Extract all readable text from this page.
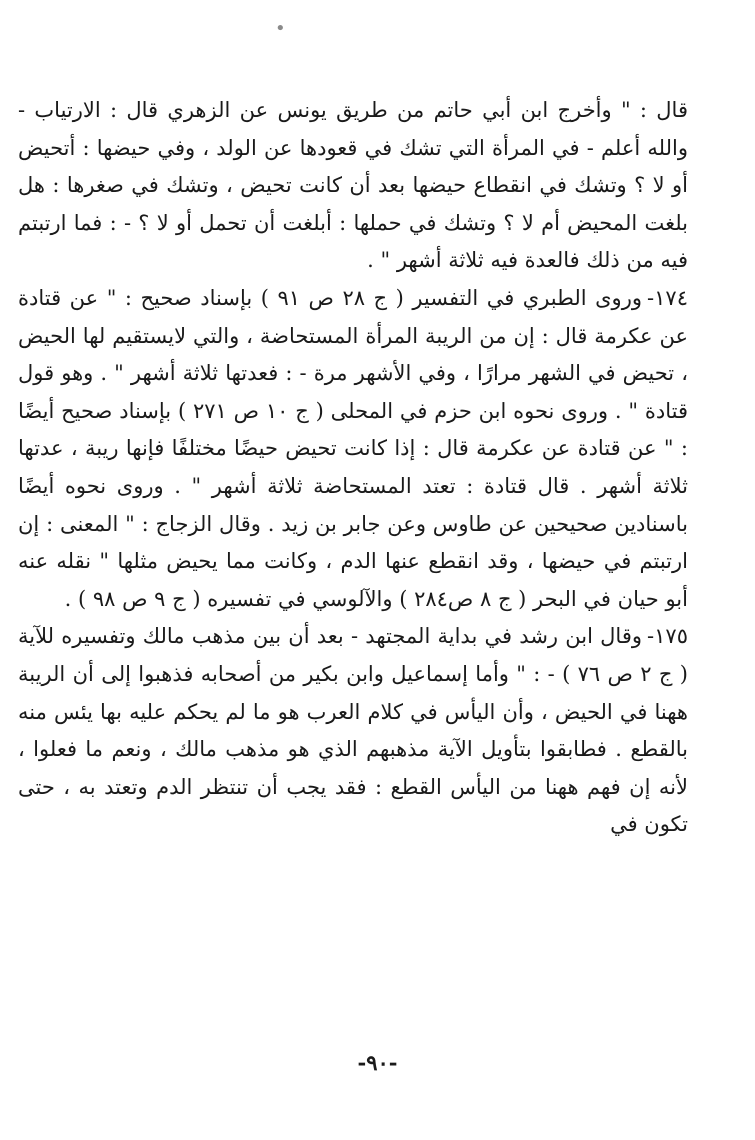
•

قال : " وأخرج ابن أبي حاتم من طريق يونس عن الزهري قال : الارتياب - والله أعلم - في المرأة التي تشك في قعودها عن الولد ، وفي حيضها : أتحيض أو لا ؟ وتشك في انقطاع حيضها بعد أن كانت تحيض ، وتشك في صغرها : هل بلغت المحيض أم لا ؟ وتشك في حملها : أبلغت أن تحمل أو لا ؟ - : فما ارتبتم فيه من ذلك فالعدة فيه ثلاثة أشهر " .

١٧٤-وروى الطبري في التفسير ( ج ٢٨ ص ٩١ ) بإسناد صحيح : " عن قتادة عن عكرمة قال : إن من الريبة المرأة المستحاضة ، والتي لايستقيم لها الحيض ، تحيض في الشهر مرارًا ، وفي الأشهر مرة - : فعدتها ثلاثة أشهر " . وهو قول قتادة " . وروى نحوه ابن حزم في المحلى ( ج ١٠ ص ٢٧١ ) بإسناد صحيح أيضًا : " عن قتادة عن عكرمة قال : إذا كانت تحيض حيضًا مختلفًا فإنها ريبة ، عدتها ثلاثة أشهر . قال قتادة : تعتد المستحاضة ثلاثة أشهر " . وروى نحوه أيضًا باسنادين صحيحين عن طاوس وعن جابر بن زيد . وقال الزجاج : " المعنى : إن ارتبتم في حيضها ، وقد انقطع عنها الدم ، وكانت مما يحيض مثلها " نقله عنه أبو حيان في البحر ( ج ٨ ص٢٨٤ ) والآلوسي في تفسيره ( ج ٩ ص ٩٨ ) .

١٧٥-وقال ابن رشد في بداية المجتهد - بعد أن بين مذهب مالك وتفسيره للآية ( ج ٢ ص ٧٦ ) - : " وأما إسماعيل وابن بكير من أصحابه فذهبوا إلى أن الريبة ههنا في الحيض ، وأن اليأس في كلام العرب هو ما لم يحكم عليه بها يئس منه بالقطع . فطابقوا بتأويل الآية مذهبهم الذي هو مذهب مالك ، ونعم ما فعلوا ، لأنه إن فهم ههنا من اليأس القطع : فقد يجب أن تنتظر الدم وتعتد به ، حتى تكون في

-٩٠-
